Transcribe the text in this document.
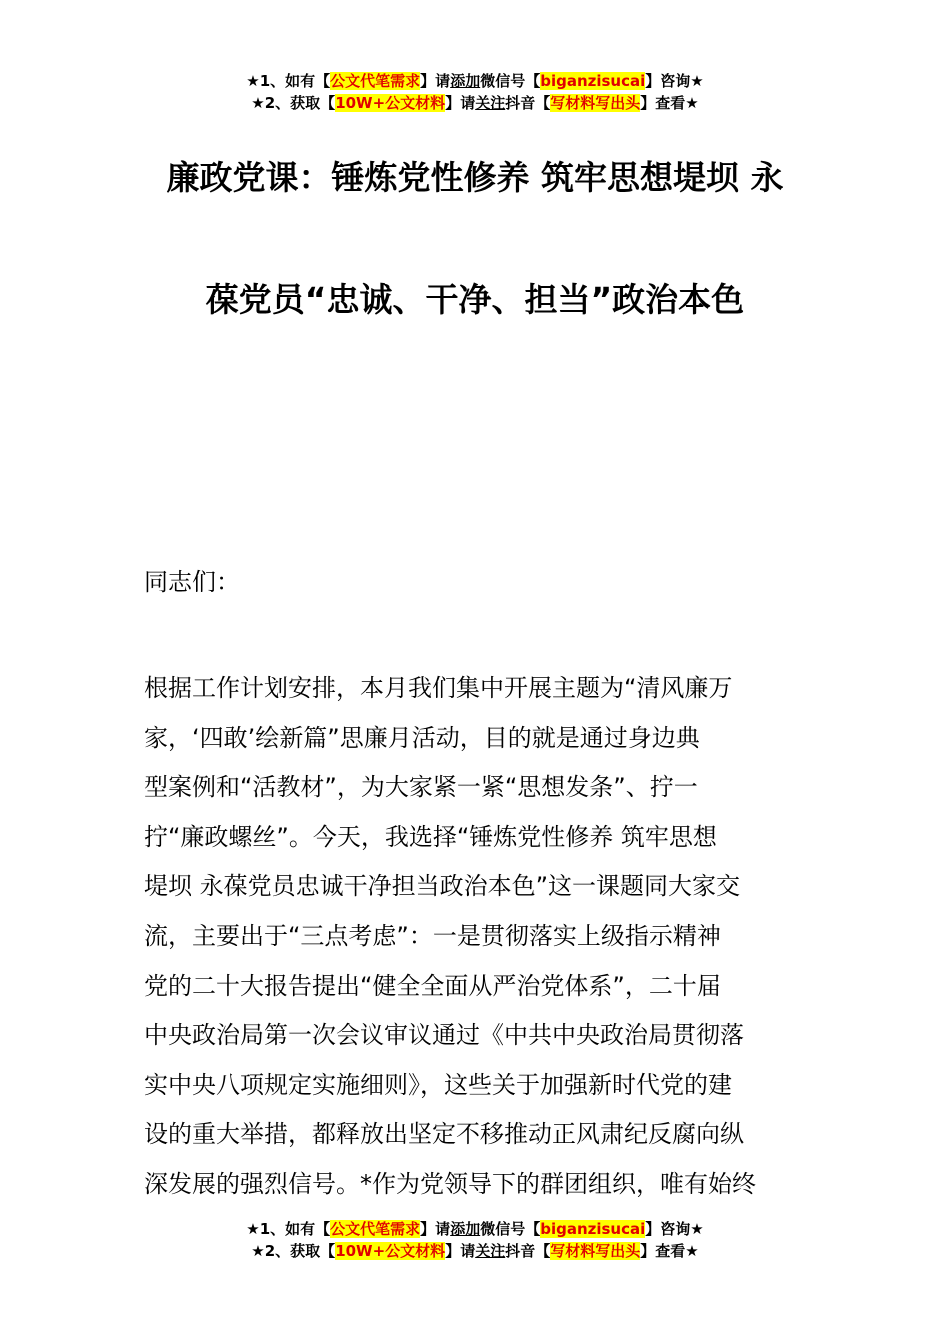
★1、如有【公文代笔需求】请添加微信号【biganzisucai】咨询★
★2、获取【10W+公文材料】请关注抖音【写材料写出头】查看★
廉政党课：锤炼党性修养 筑牢思想堤坝 永
葆党员“忠诚、干净、担当”政治本色
同志们：
根据工作计划安排，本月我们集中开展主题为“清风廉万
家，‘四敢’绘新篇”思廉月活动，目的就是通过身边典
型案例和“活教材”，为大家紧一紧“思想发条”、拧一
拧“廉政螺丝”。今天，我选择“锤炼党性修养 筑牢思想
堤坝 永葆党员忠诚干净担当政治本色”这一课题同大家交
流，主要出于“三点考虑”：一是贯彻落实上级指示精神
党的二十大报告提出“健全全面从严治党体系”，二十届
中央政治局第一次会议审议通过《中共中央政治局贯彻落
实中央八项规定实施细则》，这些关于加强新时代党的建
设的重大举措，都释放出坚定不移推动正风肃纪反腐向纵
深发展的强烈信号。*作为党领导下的群团组织，唯有始终
★1、如有【公文代笔需求】请添加微信号【biganzisucai】咨询★
★2、获取【10W+公文材料】请关注抖音【写材料写出头】查看★
